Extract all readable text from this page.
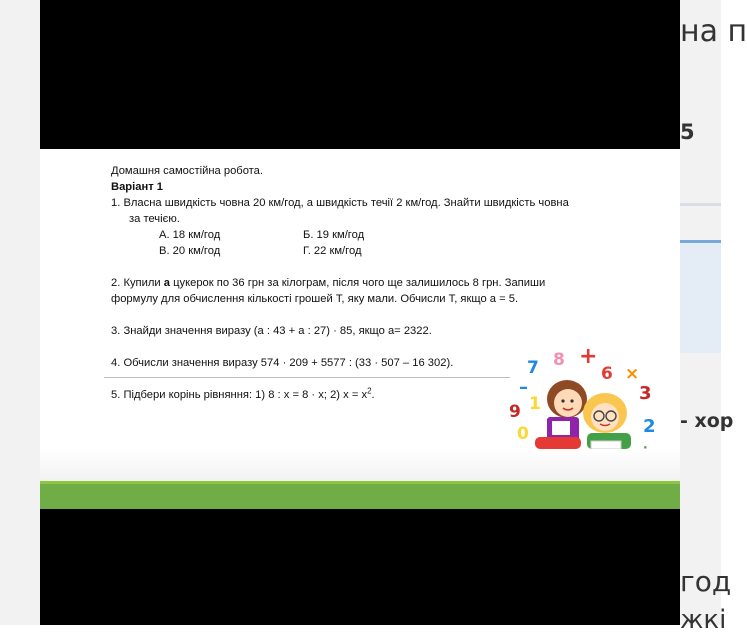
на п
5
- хор
год
жкі
Домашня самостійна робота.
Варіант 1
1. Власна швидкість човна 20 км/год, а швидкість течії 2 км/год. Знайти швидкість човна
за течією.
А. 18 км/год	Б. 19 км/год
В. 20 км/год	Г. 22 км/год
2. Купили а цукерок по 36 грн за кілограм, після чого ще залишилось 8 грн. Запиши
формулу для обчислення кількості грошей Т, яку мали. Обчисли Т, якщо а = 5.
3. Знайди значення виразу (а : 43 + а : 27) · 85, якщо а= 2322.
4. Обчисли значення виразу 574 · 209 + 5577 : (33 · 507 – 16 302).
5. Підбери корінь рівняння: 1) 8 : х = 8 · х; 2) $х = х^2$.
7 8 +
6 ×
3
–
9 1
2
0
